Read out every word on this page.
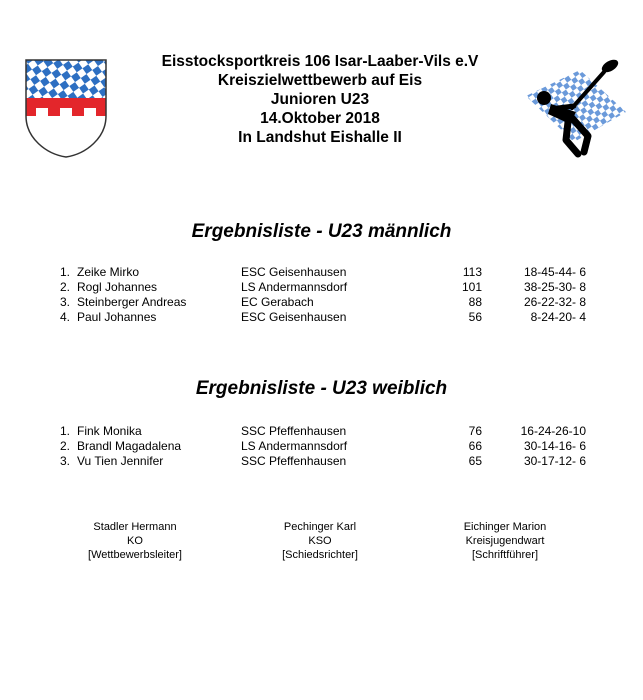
Eisstocksportkreis 106 Isar-Laaber-Vils e.V
Kreiszielwettbewerb auf Eis
Junioren U23
14.Oktober 2018
In Landshut Eishalle II
Ergebnisliste - U23 männlich
1. Zeike Mirko	ESC Geisenhausen	113	18-45-44- 6
2. Rogl Johannes	LS Andermannsdorf	101	38-25-30- 8
3. Steinberger Andreas	EC Gerabach	88	26-22-32- 8
4. Paul Johannes	ESC Geisenhausen	56	8-24-20- 4
Ergebnisliste - U23 weiblich
1. Fink Monika	SSC Pfeffenhausen	76	16-24-26-10
2. Brandl Magadalena	LS Andermannsdorf	66	30-14-16- 6
3. Vu Tien Jennifer	SSC Pfeffenhausen	65	30-17-12- 6
Stadler Hermann
KO
[Wettbewerbsleiter]
Pechinger Karl
KSO
[Schiedsrichter]
Eichinger Marion
Kreisjugendwart
[Schriftführer]
